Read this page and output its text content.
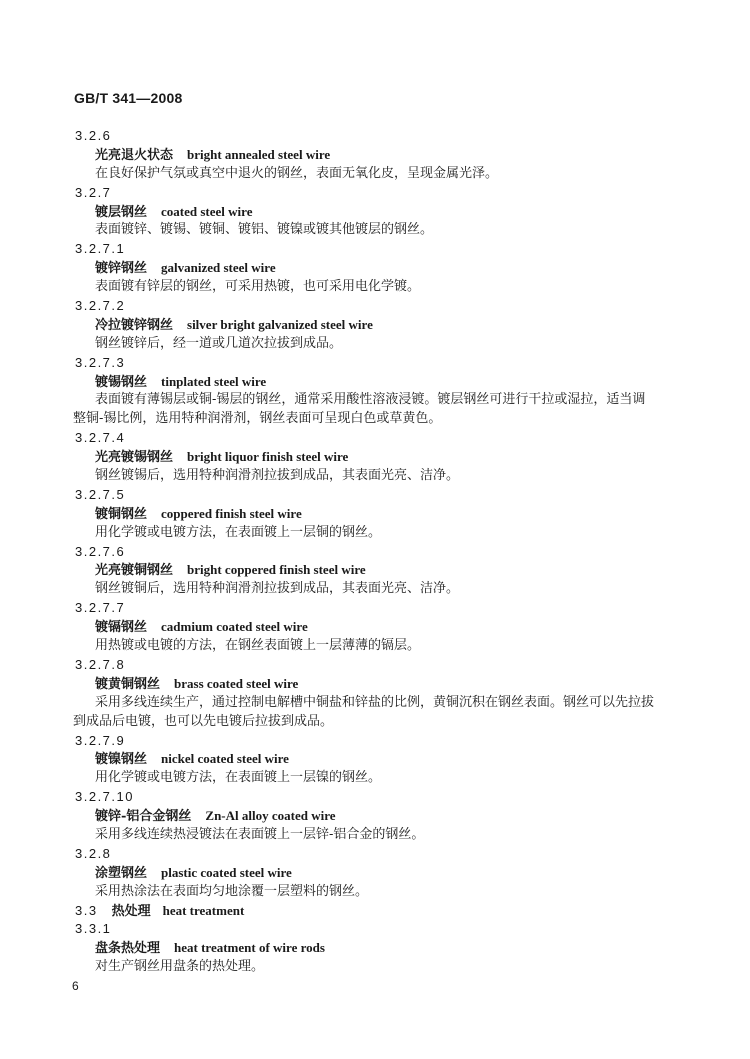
GB/T 341—2008
3.2.6
光亮退火状态 bright annealed steel wire
在良好保护气氛或真空中退火的钢丝，表面无氧化皮，呈现金属光泽。
3.2.7
镀层钢丝 coated steel wire
表面镀锌、镀锡、镀铜、镀铝、镀镍或镀其他镀层的钢丝。
3.2.7.1
镀锌钢丝 galvanized steel wire
表面镀有锌层的钢丝，可采用热镀，也可采用电化学镀。
3.2.7.2
冷拉镀锌钢丝 silver bright galvanized steel wire
钢丝镀锌后，经一道或几道次拉拔到成品。
3.2.7.3
镀锡钢丝 tinplated steel wire
表面镀有薄锡层或铜-锡层的钢丝，通常采用酸性溶液浸镀。镀层钢丝可进行干拉或湿拉，适当调
整铜-锡比例，选用特种润滑剂，钢丝表面可呈现白色或草黄色。
3.2.7.4
光亮镀锡钢丝 bright liquor finish steel wire
钢丝镀锡后，选用特种润滑剂拉拔到成品，其表面光亮、洁净。
3.2.7.5
镀铜钢丝 coppered finish steel wire
用化学镀或电镀方法，在表面镀上一层铜的钢丝。
3.2.7.6
光亮镀铜钢丝 bright coppered finish steel wire
钢丝镀铜后，选用特种润滑剂拉拔到成品，其表面光亮、洁净。
3.2.7.7
镀镉钢丝 cadmium coated steel wire
用热镀或电镀的方法，在钢丝表面镀上一层薄薄的镉层。
3.2.7.8
镀黄铜钢丝 brass coated steel wire
采用多线连续生产，通过控制电解槽中铜盐和锌盐的比例，黄铜沉积在钢丝表面。钢丝可以先拉拔
到成品后电镀，也可以先电镀后拉拔到成品。
3.2.7.9
镀镍钢丝 nickel coated steel wire
用化学镀或电镀方法，在表面镀上一层镍的钢丝。
3.2.7.10
镀锌-铝合金钢丝 Zn-Al alloy coated wire
采用多线连续热浸镀法在表面镀上一层锌-铝合金的钢丝。
3.2.8
涂塑钢丝 plastic coated steel wire
采用热涂法在表面均匀地涂覆一层塑料的钢丝。
3.3 热处理 heat treatment
3.3.1
盘条热处理 heat treatment of wire rods
对生产钢丝用盘条的热处理。
6
